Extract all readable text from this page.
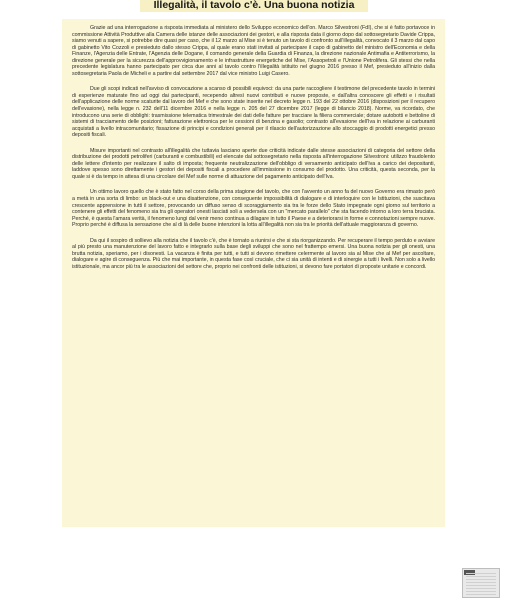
Illegalità, il tavolo c'è. Una buona notizia

Grazie ad una interrogazione a risposta immediata al ministero dello Sviluppo economico dell'on. Marco Silvestroni (FdI), che si è fatto portavoce in commissione Attività Produttive alla Camera delle istanze delle associazioni dei gestori, e alla risposta data il giorno dopo dal sottosegretario Davide Crippa, siamo venuti a sapere, si potrebbe dire quasi per caso, che il 12 marzo al Mise si è tenuto un tavolo di confronto sull'illegalità, convocato il 3 marzo dal capo di gabinetto Vito Cozzoli e presieduto dallo stesso Crippa, al quale erano stati invitati al partecipare il capo di gabinetto del ministro dell'Economia e della Finanze, l'Agenzia delle Entrate, l'Agenzia delle Dogane, il comando generale della Guardia di Finanza, la direzione nazionale Antimafia e Antiterrorismo, la direzione generale per la sicurezza dell'approvvigionamento e le infrastrutture energetiche del Mise, l'Assopetroli e l'Unione Petrolifera. Gli stessi che nella precedente legislatura hanno partecipato per circa due anni al tavolo contro l'illegalità istituito nel giugno 2016 presso il Mef, presieduto all'inizio dalla sottosegretaria Paola de Micheli e a partire dal settembre 2017 dal vice ministro Luigi Casero.

Due gli scopi indicati nell'avviso di convocazione a scanso di possibili equivoci: da una parte raccogliere il testimone del precedente tavolo in termini di esperienze maturate fino ad oggi dai partecipanti, recependo altresì nuovi contributi e nuove proposte, e dall'altra conoscere gli effetti e i risultati dell'applicazione delle norme scaturite dal lavoro del Mef e che sono state inserite nel decreto legge n. 193 del 22 ottobre 2016 (disposizioni per il recupero dell'evasione), nella legge n. 232 dell'11 dicembre 2016 e nella legge n. 205 del 27 dicembre 2017 (legge di bilancio 2018). Norme, va ricordato, che introducono una serie di obblighi: trasmissione telematica trimestrale dei dati delle fatture per tracciare la filiera commerciale; dotare autobotti e bettoline di sistemi di tracciamento delle posizioni; fatturazione elettronica per le cessioni di benzina e gasolio; contrasto all'evasione dell'Iva in relazione ai carburanti acquistati a livello intracomunitario; fissazione di principi e condizioni generali per il rilascio dell'autorizzazione allo stoccaggio di prodotti energetici presso depositi fiscali.

Misure importanti nel contrasto all'illegalità che tuttavia lasciano aperte due criticità indicate dalle stesse associazioni di categoria del settore della distribuzione dei prodotti petroliferi (carburanti e combustibili) ed elencate dal sottosegretario nella risposta all'interrogazione Silvestroni: utilizzo fraudolento delle lettere d'intento per realizzare il salto di imposta; frequente neutralizzazione dell'obbligo di versamento anticipato dell'Iva a carico dei depositanti, laddove spesso sono direttamente i gestori dei depositi fiscali a procedere all'immissione in consumo del prodotto. Una criticità, questa seconda, per la quale si è da tempo in attesa di una circolare del Mef sulle norme di attuazione del pagamento anticipato dell'Iva.

Un ottimo lavoro quello che è stato fatto nel corso della prima stagione del tavolo, che con l'avvento un anno fa del nuovo Governo era rimasto però a metà in una sorta di limbo: un black-out e una disattenzione, con conseguente impossibilità di dialogare e di interloquire con le Istituzioni, che suscitava crescente apprensione in tutti il settore, provocando un diffuso senso di scoraggiamento sia tra le forze dello Stato impegnate ogni giorno sul territorio a contenere gli effetti del fenomeno sia tra gli operatori onesti lasciati soli a vedersela con un "mercato parallelo" che sta facendo intorno a loro terra bruciata. Perché, è questa l'amara verità, il fenomeno lungi dal venir meno continua a dilagare in tutto il Paese e a deteriorarsi in forme e connotazioni sempre nuove. Proprio perché è diffusa la sensazione che al di là delle buone intenzioni la lotta all'illegalità non sia tra le priorità dell'attuale maggioranza di governo.

Da qui il sospiro di sollievo alla notizia che il tavolo c'è, che è tornato a riunirsi e che si sta riorganizzando. Per recuperare il tempo perduto e avviare al più presto una manutenzione del lavoro fatto e integrarlo sulla base degli sviluppi che sono nel frattempo emersi. Una buona notizia per gli onesti, una brutta notizia, speriamo, per i disonesti. La vacanza è finita per tutti, e tutti si devono rimettere celermente al lavoro sia al Mise che al Mef per ascoltare, dialogare e agire di conseguenza. Più che mai importante, in questa fase così cruciale, che ci sia unità di intenti e di sinergie a tutti i livelli. Non solo a livello istituzionale, ma ancor più tra le associazioni del settore che, proprio nei confronti delle istituzioni, si devono fare portatori di proposte unitarie e concordi.
